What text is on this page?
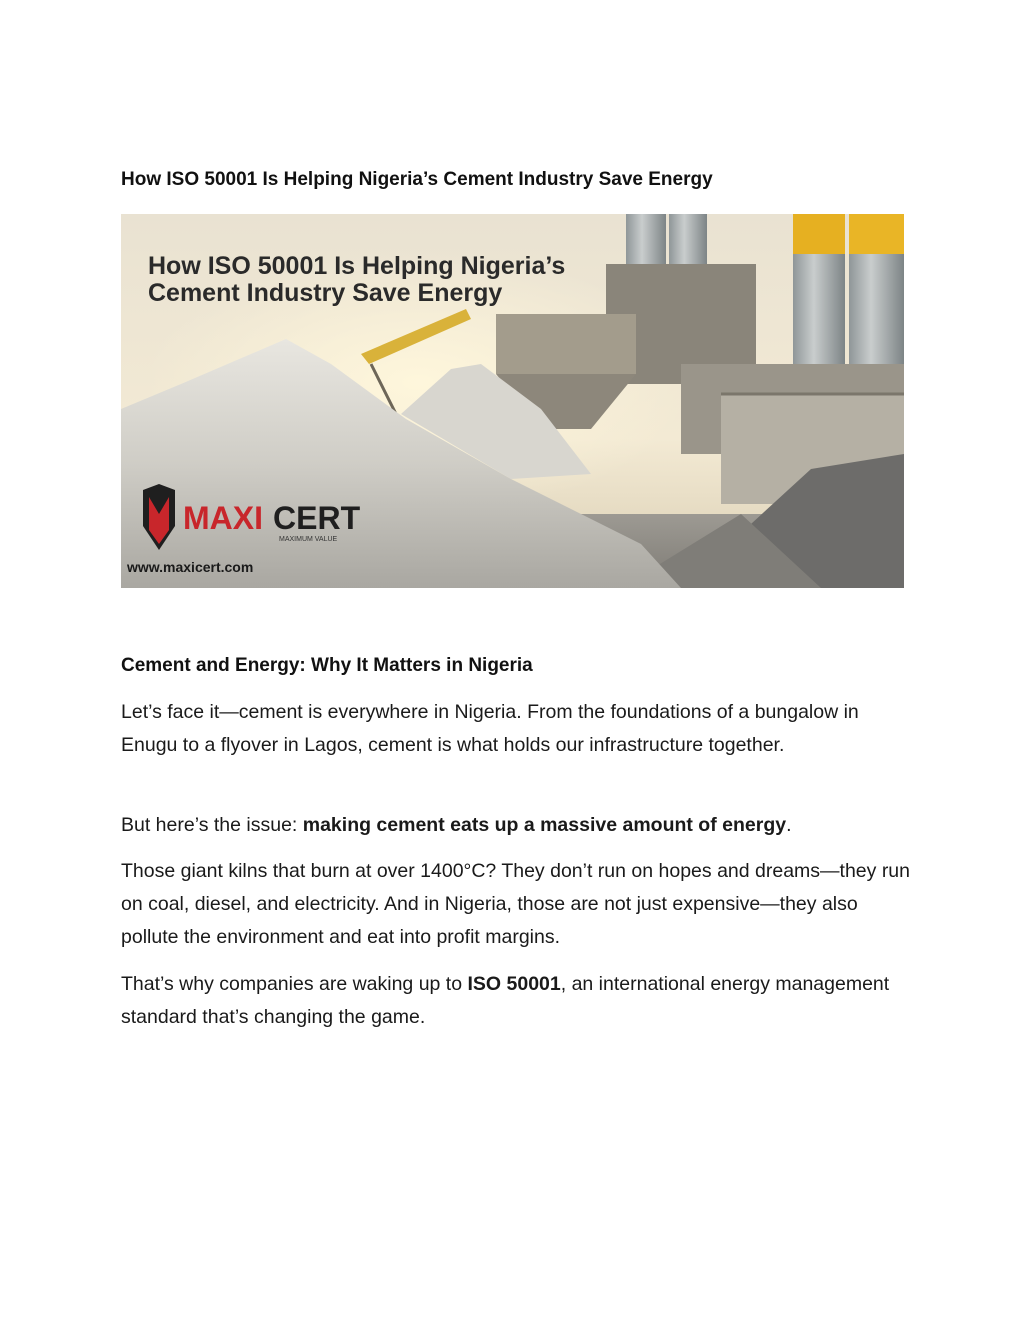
How ISO 50001 Is Helping Nigeria’s Cement Industry Save Energy
How ISO 50001 Is Helping Nigeria’s
Cement Industry Save Energy
MAXI CERT
MAXIMUM VALUE
www.maxicert.com
Cement and Energy: Why It Matters in Nigeria
Let’s face it—cement is everywhere in Nigeria. From the foundations of a bungalow in Enugu to a flyover in Lagos, cement is what holds our infrastructure together.
But here’s the issue: making cement eats up a massive amount of energy.
Those giant kilns that burn at over 1400°C? They don’t run on hopes and dreams—they run on coal, diesel, and electricity. And in Nigeria, those are not just expensive—they also pollute the environment and eat into profit margins.
That’s why companies are waking up to ISO 50001, an international energy management standard that’s changing the game.
